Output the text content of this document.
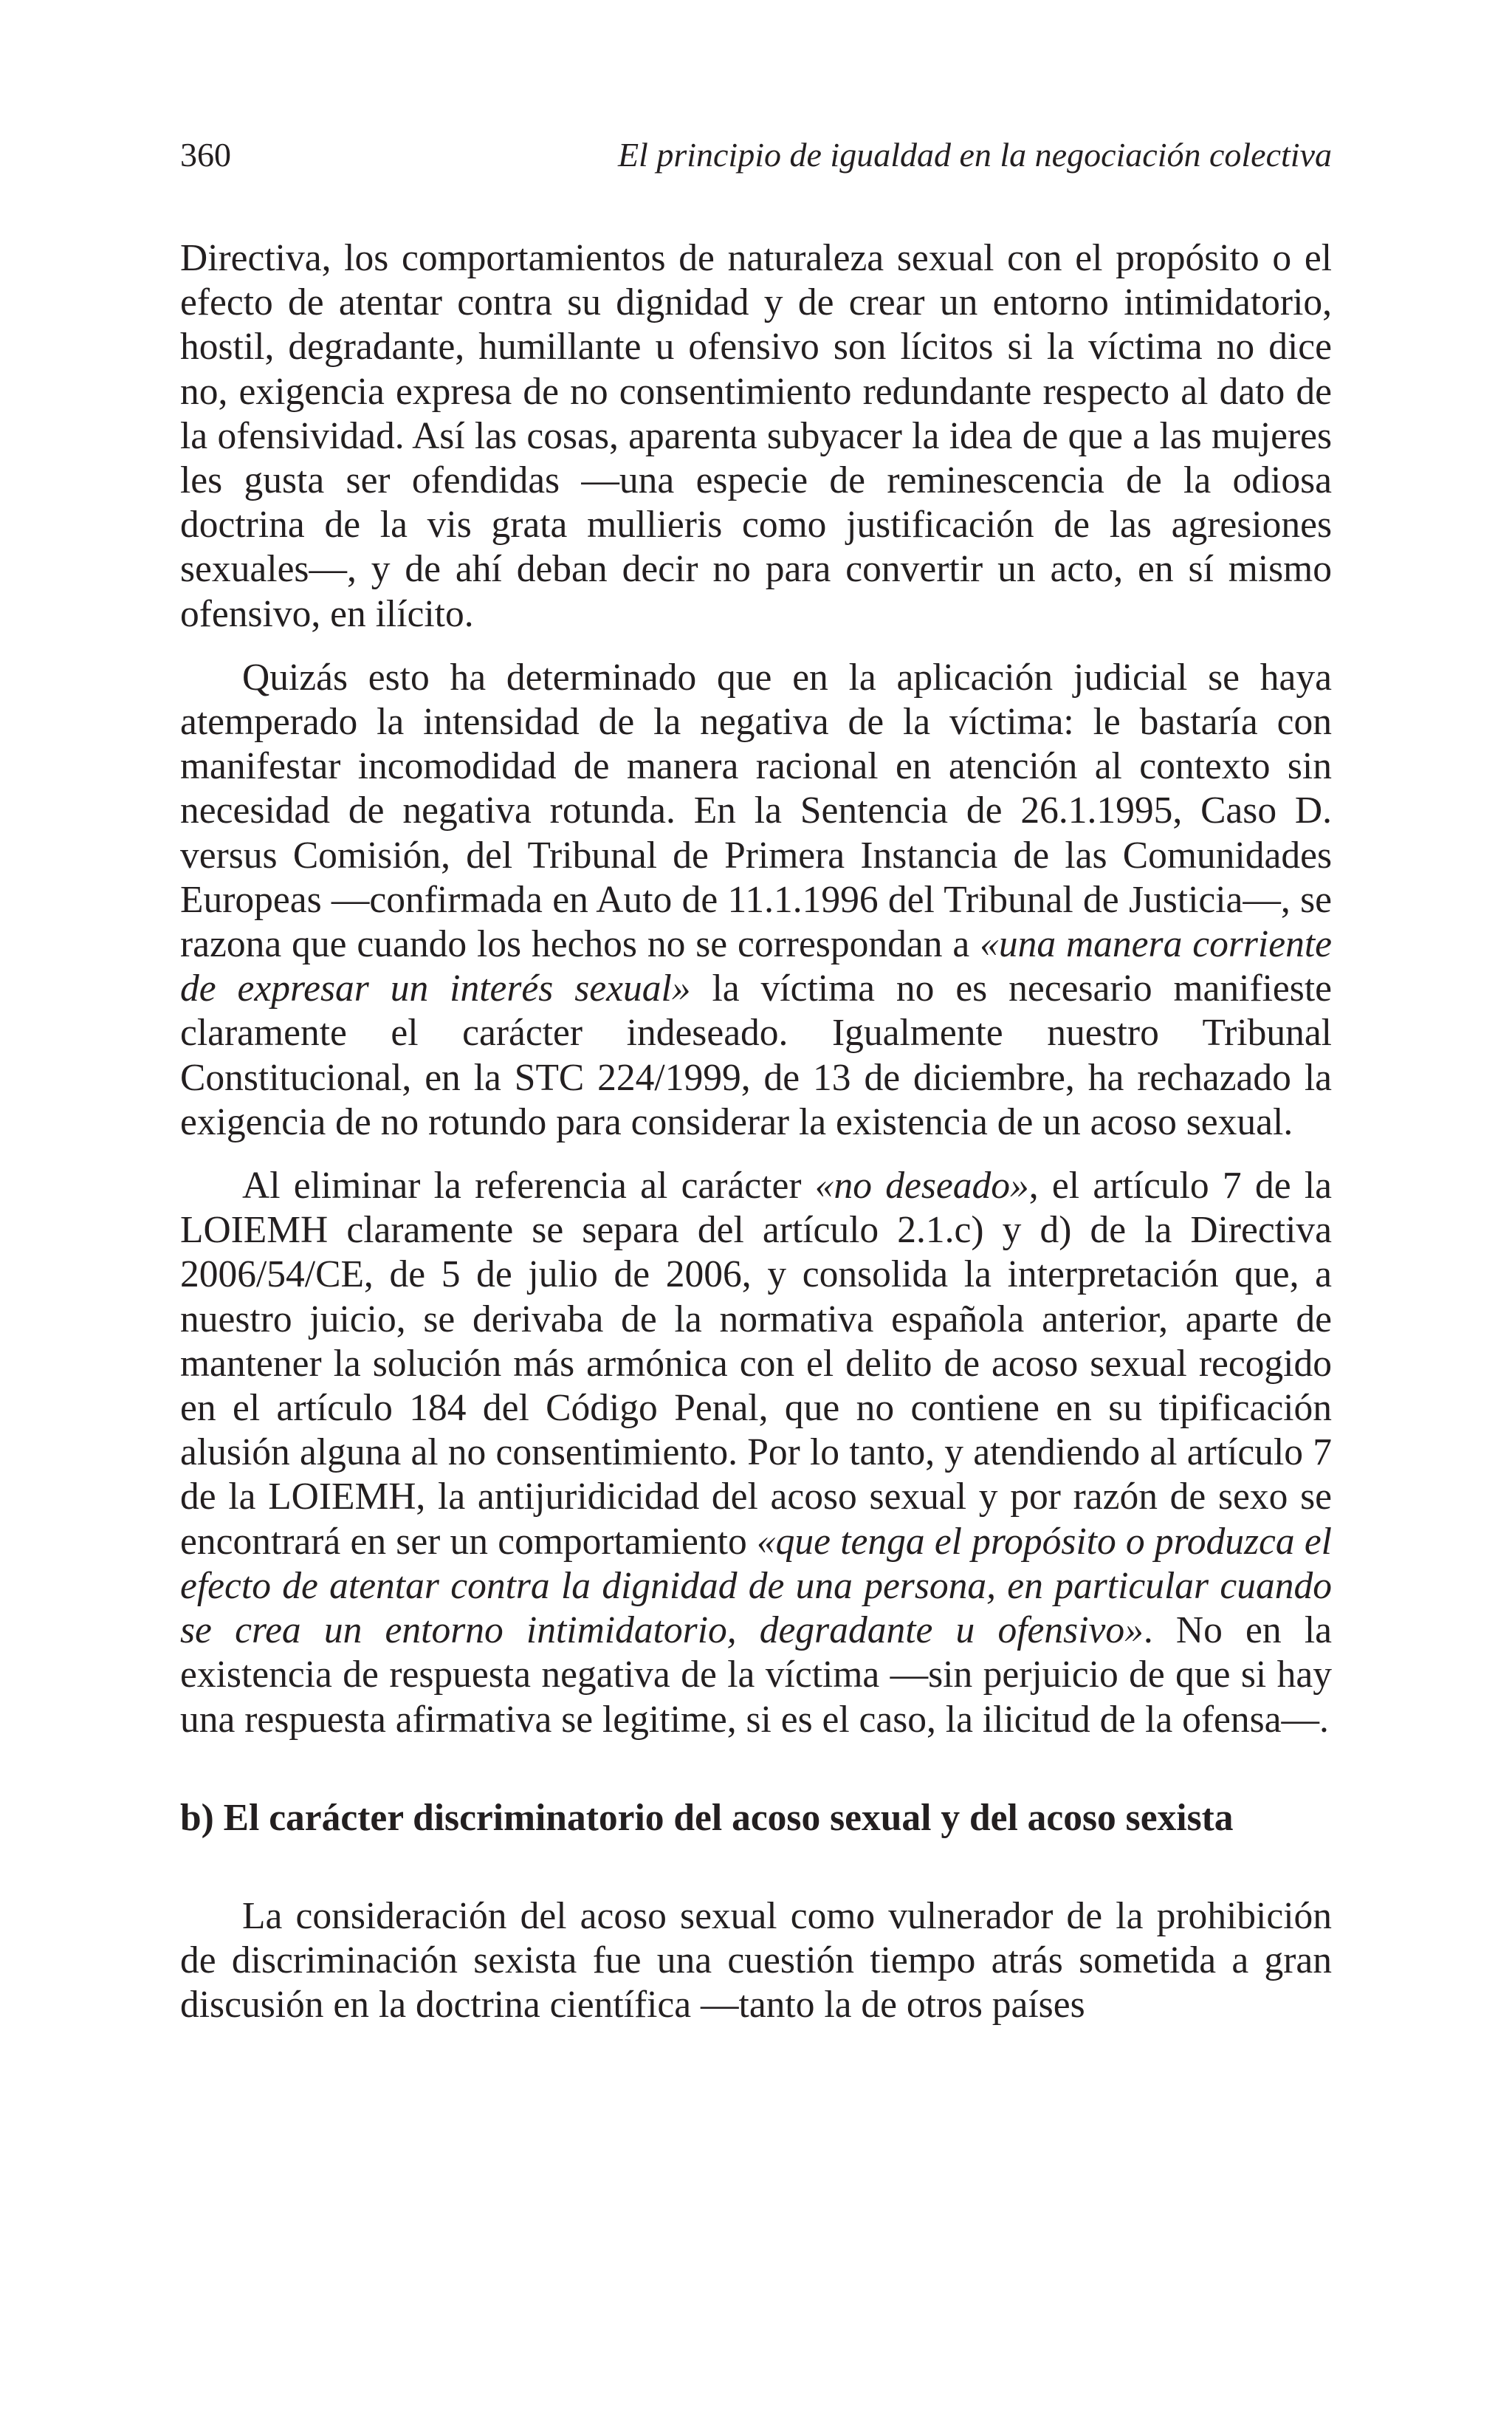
360	El principio de igualdad en la negociación colectiva

Directiva, los comportamientos de naturaleza sexual con el propósito o el efecto de atentar contra su dignidad y de crear un entorno intimidatorio, hostil, degradante, humillante u ofensivo son lícitos si la víctima no dice no, exigencia expresa de no consentimiento redundante respecto al dato de la ofensividad. Así las cosas, aparenta subyacer la idea de que a las mujeres les gusta ser ofendidas —una especie de reminescencia de la odiosa doctrina de la vis grata mullieris como justificación de las agresiones sexuales—, y de ahí deban decir no para convertir un acto, en sí mismo ofensivo, en ilícito.

Quizás esto ha determinado que en la aplicación judicial se haya atemperado la intensidad de la negativa de la víctima: le bastaría con manifestar incomodidad de manera racional en atención al contexto sin necesidad de negativa rotunda. En la Sentencia de 26.1.1995, Caso D. versus Comisión, del Tribunal de Primera Instancia de las Comunidades Europeas —confirmada en Auto de 11.1.1996 del Tribunal de Justicia—, se razona que cuando los hechos no se correspondan a «una manera corriente de expresar un interés sexual» la víctima no es necesario manifieste claramente el carácter indeseado. Igualmente nuestro Tribunal Constitucional, en la STC 224/1999, de 13 de diciembre, ha rechazado la exigencia de no rotundo para considerar la existencia de un acoso sexual.

Al eliminar la referencia al carácter «no deseado», el artículo 7 de la LOIEMH claramente se separa del artículo 2.1.c) y d) de la Directiva 2006/54/CE, de 5 de julio de 2006, y consolida la interpretación que, a nuestro juicio, se derivaba de la normativa española anterior, aparte de mantener la solución más armónica con el delito de acoso sexual recogido en el artículo 184 del Código Penal, que no contiene en su tipificación alusión alguna al no consentimiento. Por lo tanto, y atendiendo al artículo 7 de la LOIEMH, la antijuridicidad del acoso sexual y por razón de sexo se encontrará en ser un comportamiento «que tenga el propósito o produzca el efecto de atentar contra la dignidad de una persona, en particular cuando se crea un entorno intimidatorio, degradante u ofensivo». No en la existencia de respuesta negativa de la víctima —sin perjuicio de que si hay una respuesta afirmativa se legitime, si es el caso, la ilicitud de la ofensa—.

b) El carácter discriminatorio del acoso sexual y del acoso sexista

La consideración del acoso sexual como vulnerador de la prohibición de discriminación sexista fue una cuestión tiempo atrás sometida a gran discusión en la doctrina científica —tanto la de otros países
